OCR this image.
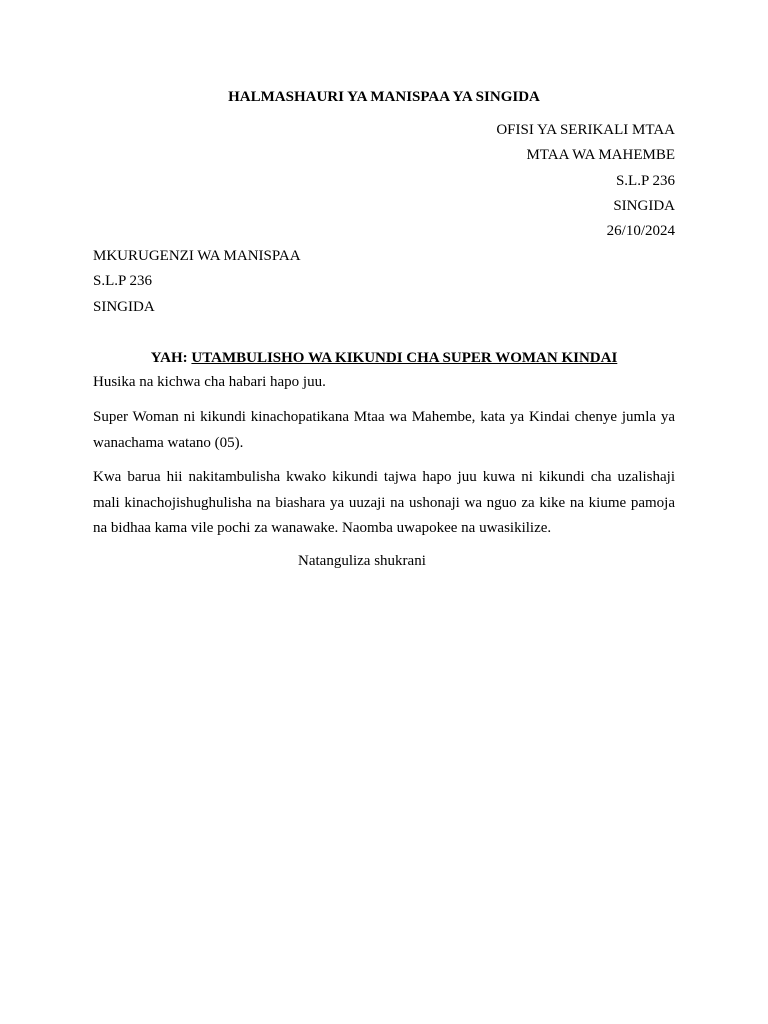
HALMASHAURI YA MANISPAA YA SINGIDA
OFISI YA SERIKALI MTAA
MTAA WA MAHEMBE
S.L.P 236
SINGIDA
26/10/2024
MKURUGENZI WA MANISPAA
S.L.P 236
SINGIDA
YAH: UTAMBULISHO WA KIKUNDI CHA SUPER WOMAN KINDAI
Husika na kichwa cha habari hapo juu.
Super Woman ni kikundi kinachopatikana Mtaa wa Mahembe, kata ya Kindai chenye jumla ya wanachama watano (05).
Kwa barua hii nakitambulisha kwako kikundi tajwa hapo juu kuwa ni kikundi cha uzalishaji mali kinachojishughulisha na biashara ya uuzaji na ushonaji wa nguo za kike na kiume pamoja na bidhaa kama vile pochi za wanawake. Naomba uwapokee na uwasikilize.
Natanguliza shukrani
